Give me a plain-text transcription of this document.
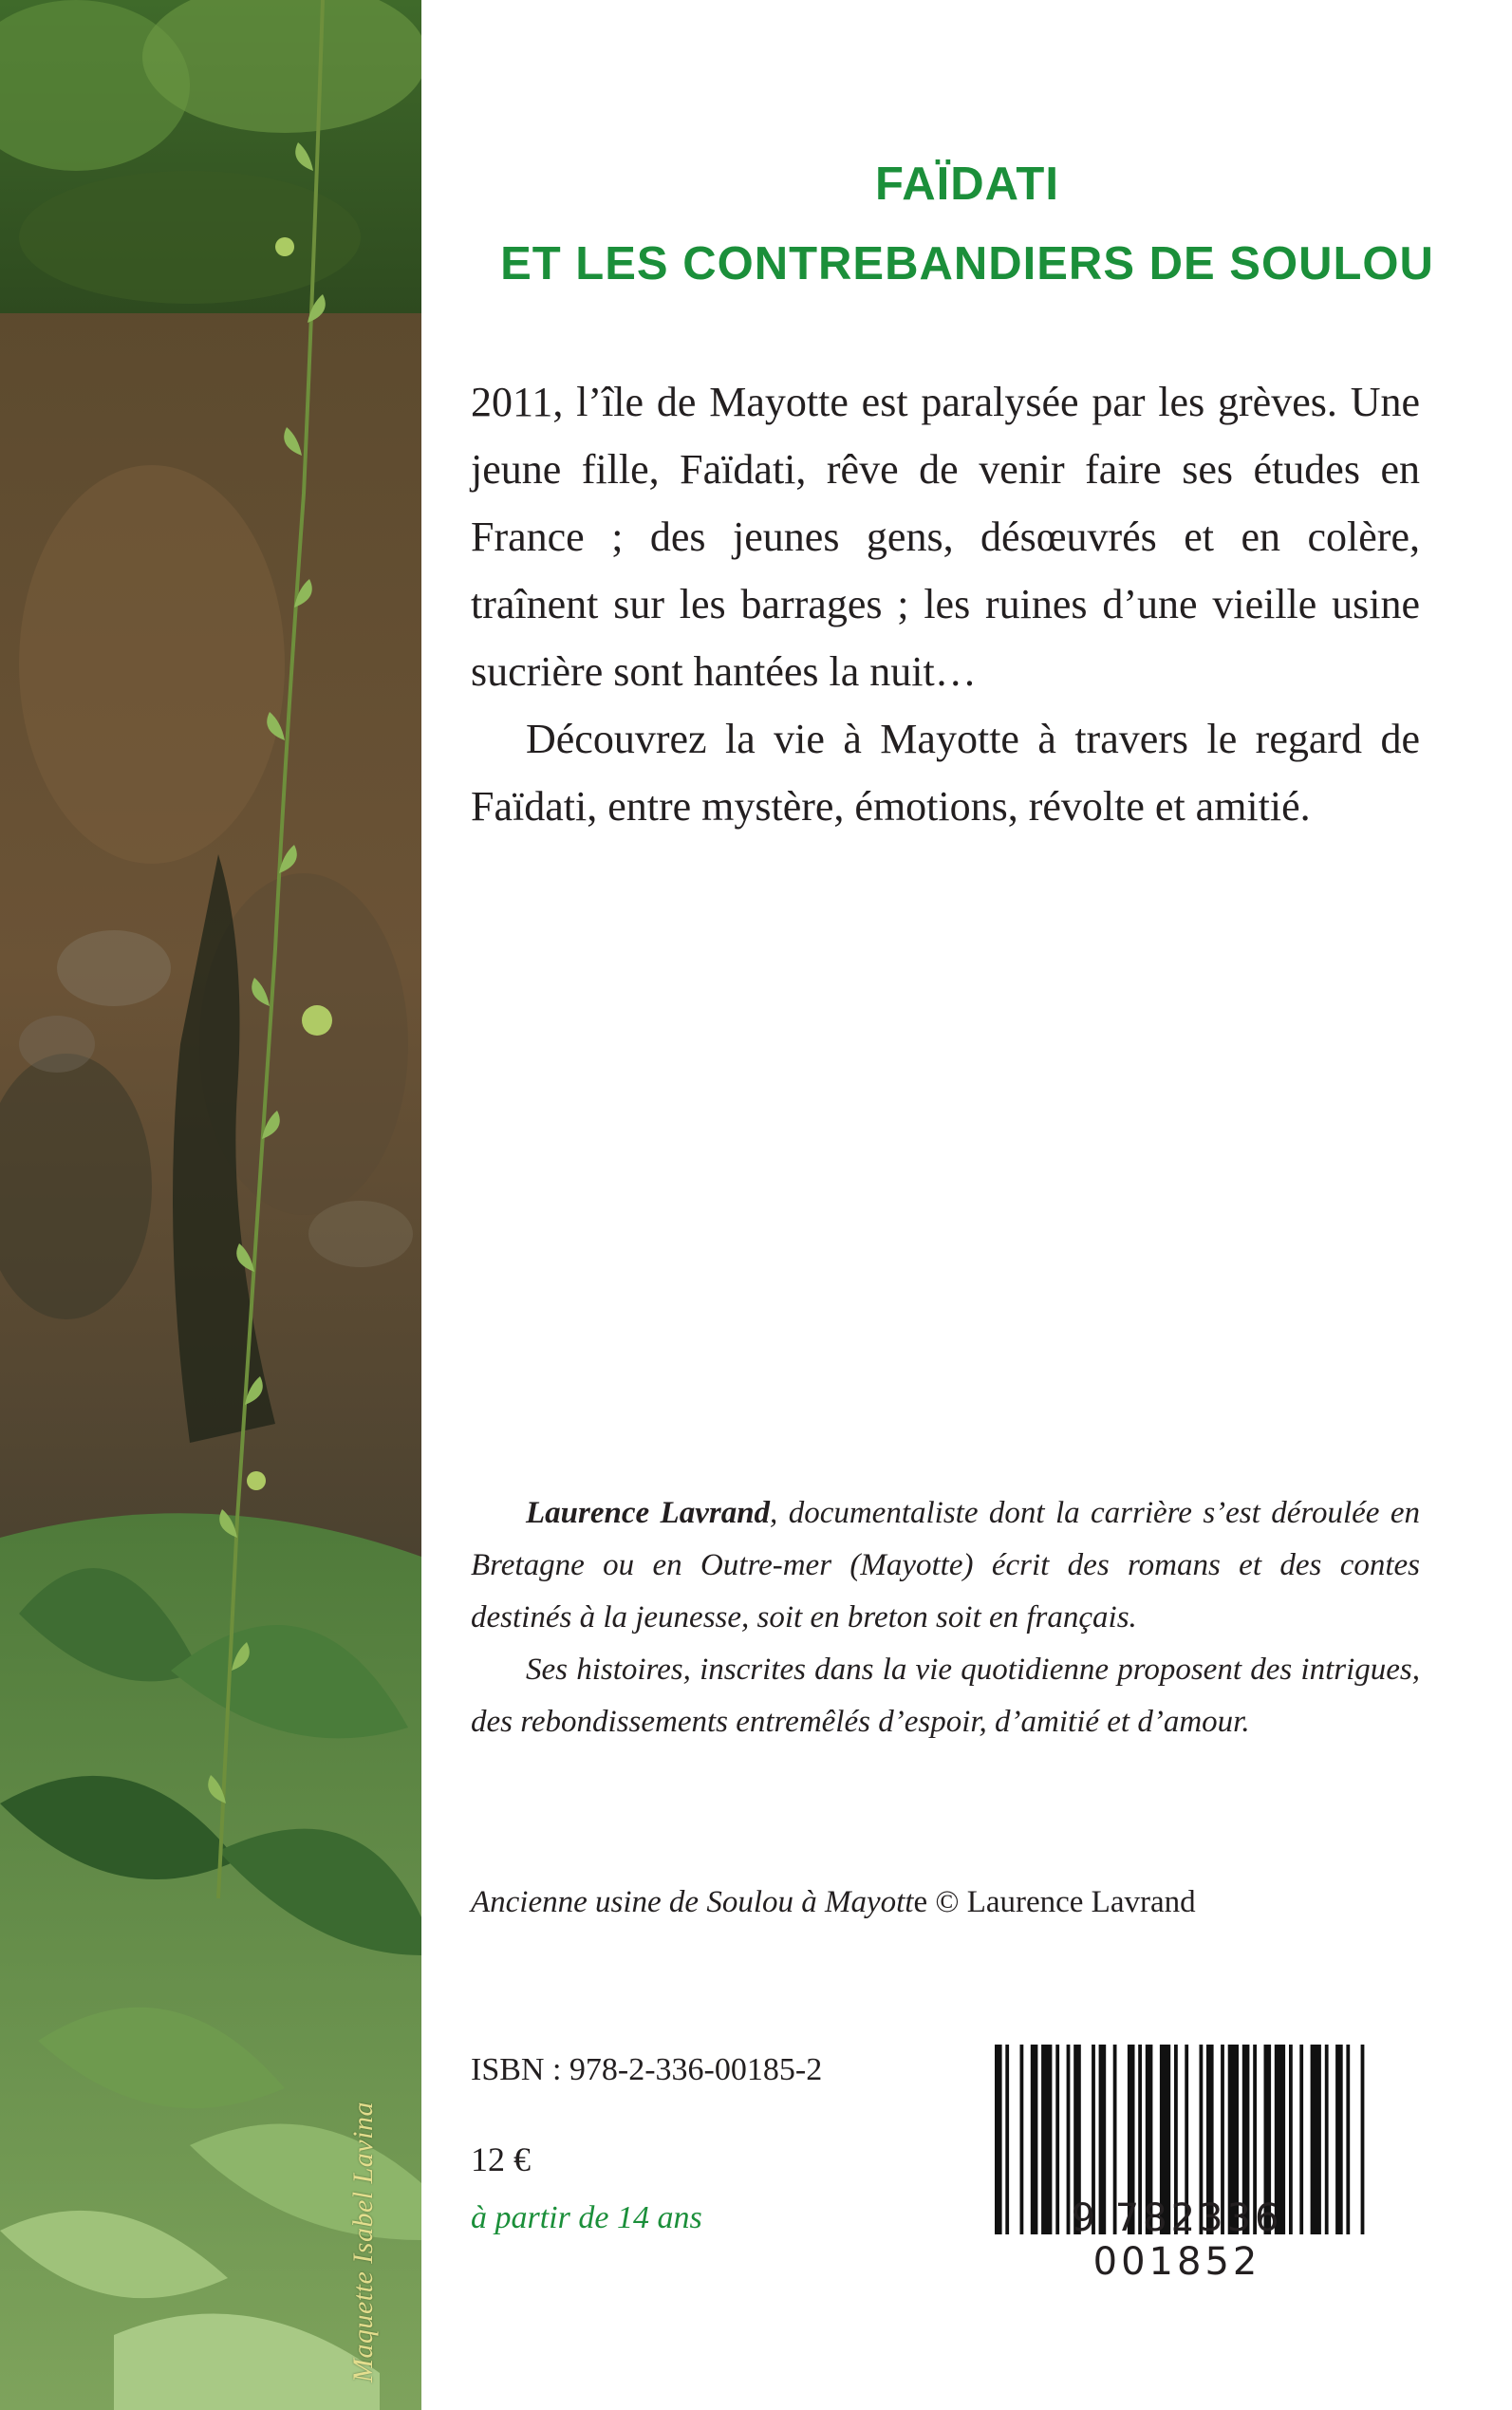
Maquette Isabel Lavina
FAÏDATI
ET LES CONTREBANDIERS DE SOULOU

2011, l’île de Mayotte est paralysée par les grèves. Une jeune fille, Faïdati, rêve de venir faire ses études en France ; des jeunes gens, désœuvrés et en colère, traînent sur les barrages ; les ruines d’une vieille usine sucrière sont hantées la nuit…

Découvrez la vie à Mayotte à travers le regard de Faïdati, entre mystère, émotions, révolte et amitié.

Laurence Lavrand, documentaliste dont la carrière s’est déroulée en Bretagne ou en Outre-mer (Mayotte) écrit des romans et des contes destinés à la jeunesse, soit en breton soit en français.

Ses histoires, inscrites dans la vie quotidienne proposent des intrigues, des rebondissements entremêlés d’espoir, d’amitié et d’amour.

Ancienne usine de Soulou à Mayotte © Laurence Lavrand
ISBN : 978-2-336-00185-2
12 €
à partir de 14 ans	9 782336 001852
